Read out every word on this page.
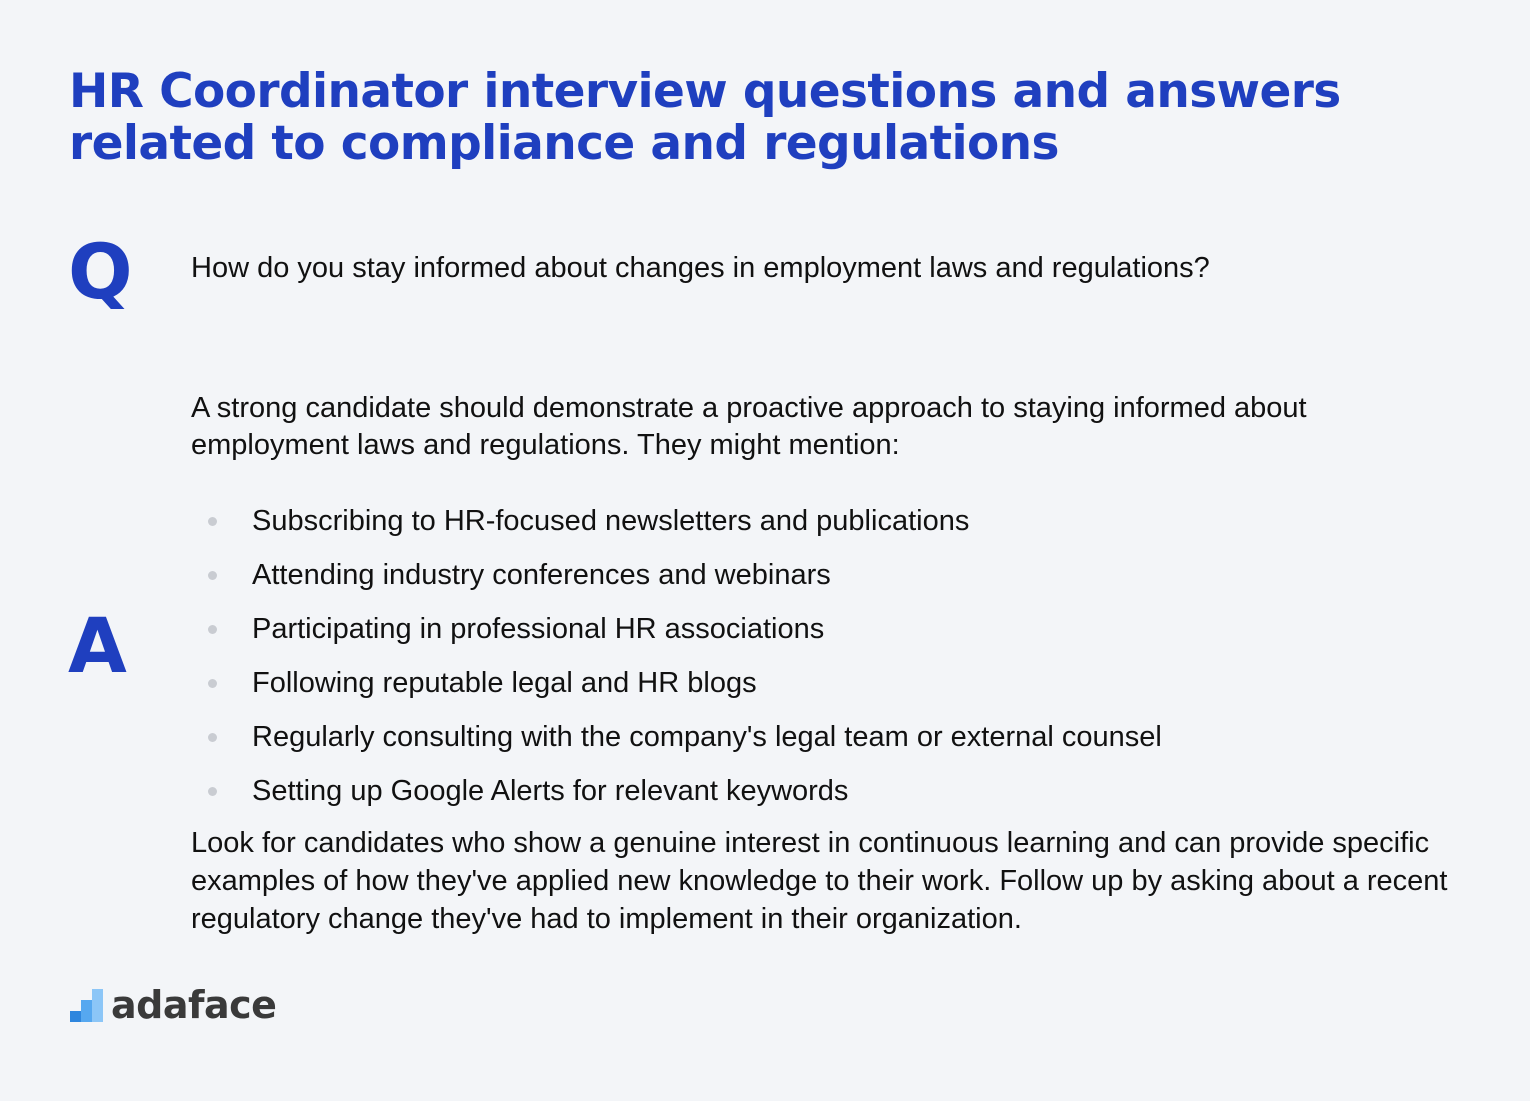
HR Coordinator interview questions and answers related to compliance and regulations
Q How do you stay informed about changes in employment laws and regulations?

A

A strong candidate should demonstrate a proactive approach to staying informed about employment laws and regulations. They might mention:

Subscribing to HR-focused newsletters and publications
Attending industry conferences and webinars
Participating in professional HR associations
Following reputable legal and HR blogs
Regularly consulting with the company's legal team or external counsel
Setting up Google Alerts for relevant keywords

Look for candidates who show a genuine interest in continuous learning and can provide specific examples of how they've applied new knowledge to their work. Follow up by asking about a recent regulatory change they've had to implement in their organization.

adaface
